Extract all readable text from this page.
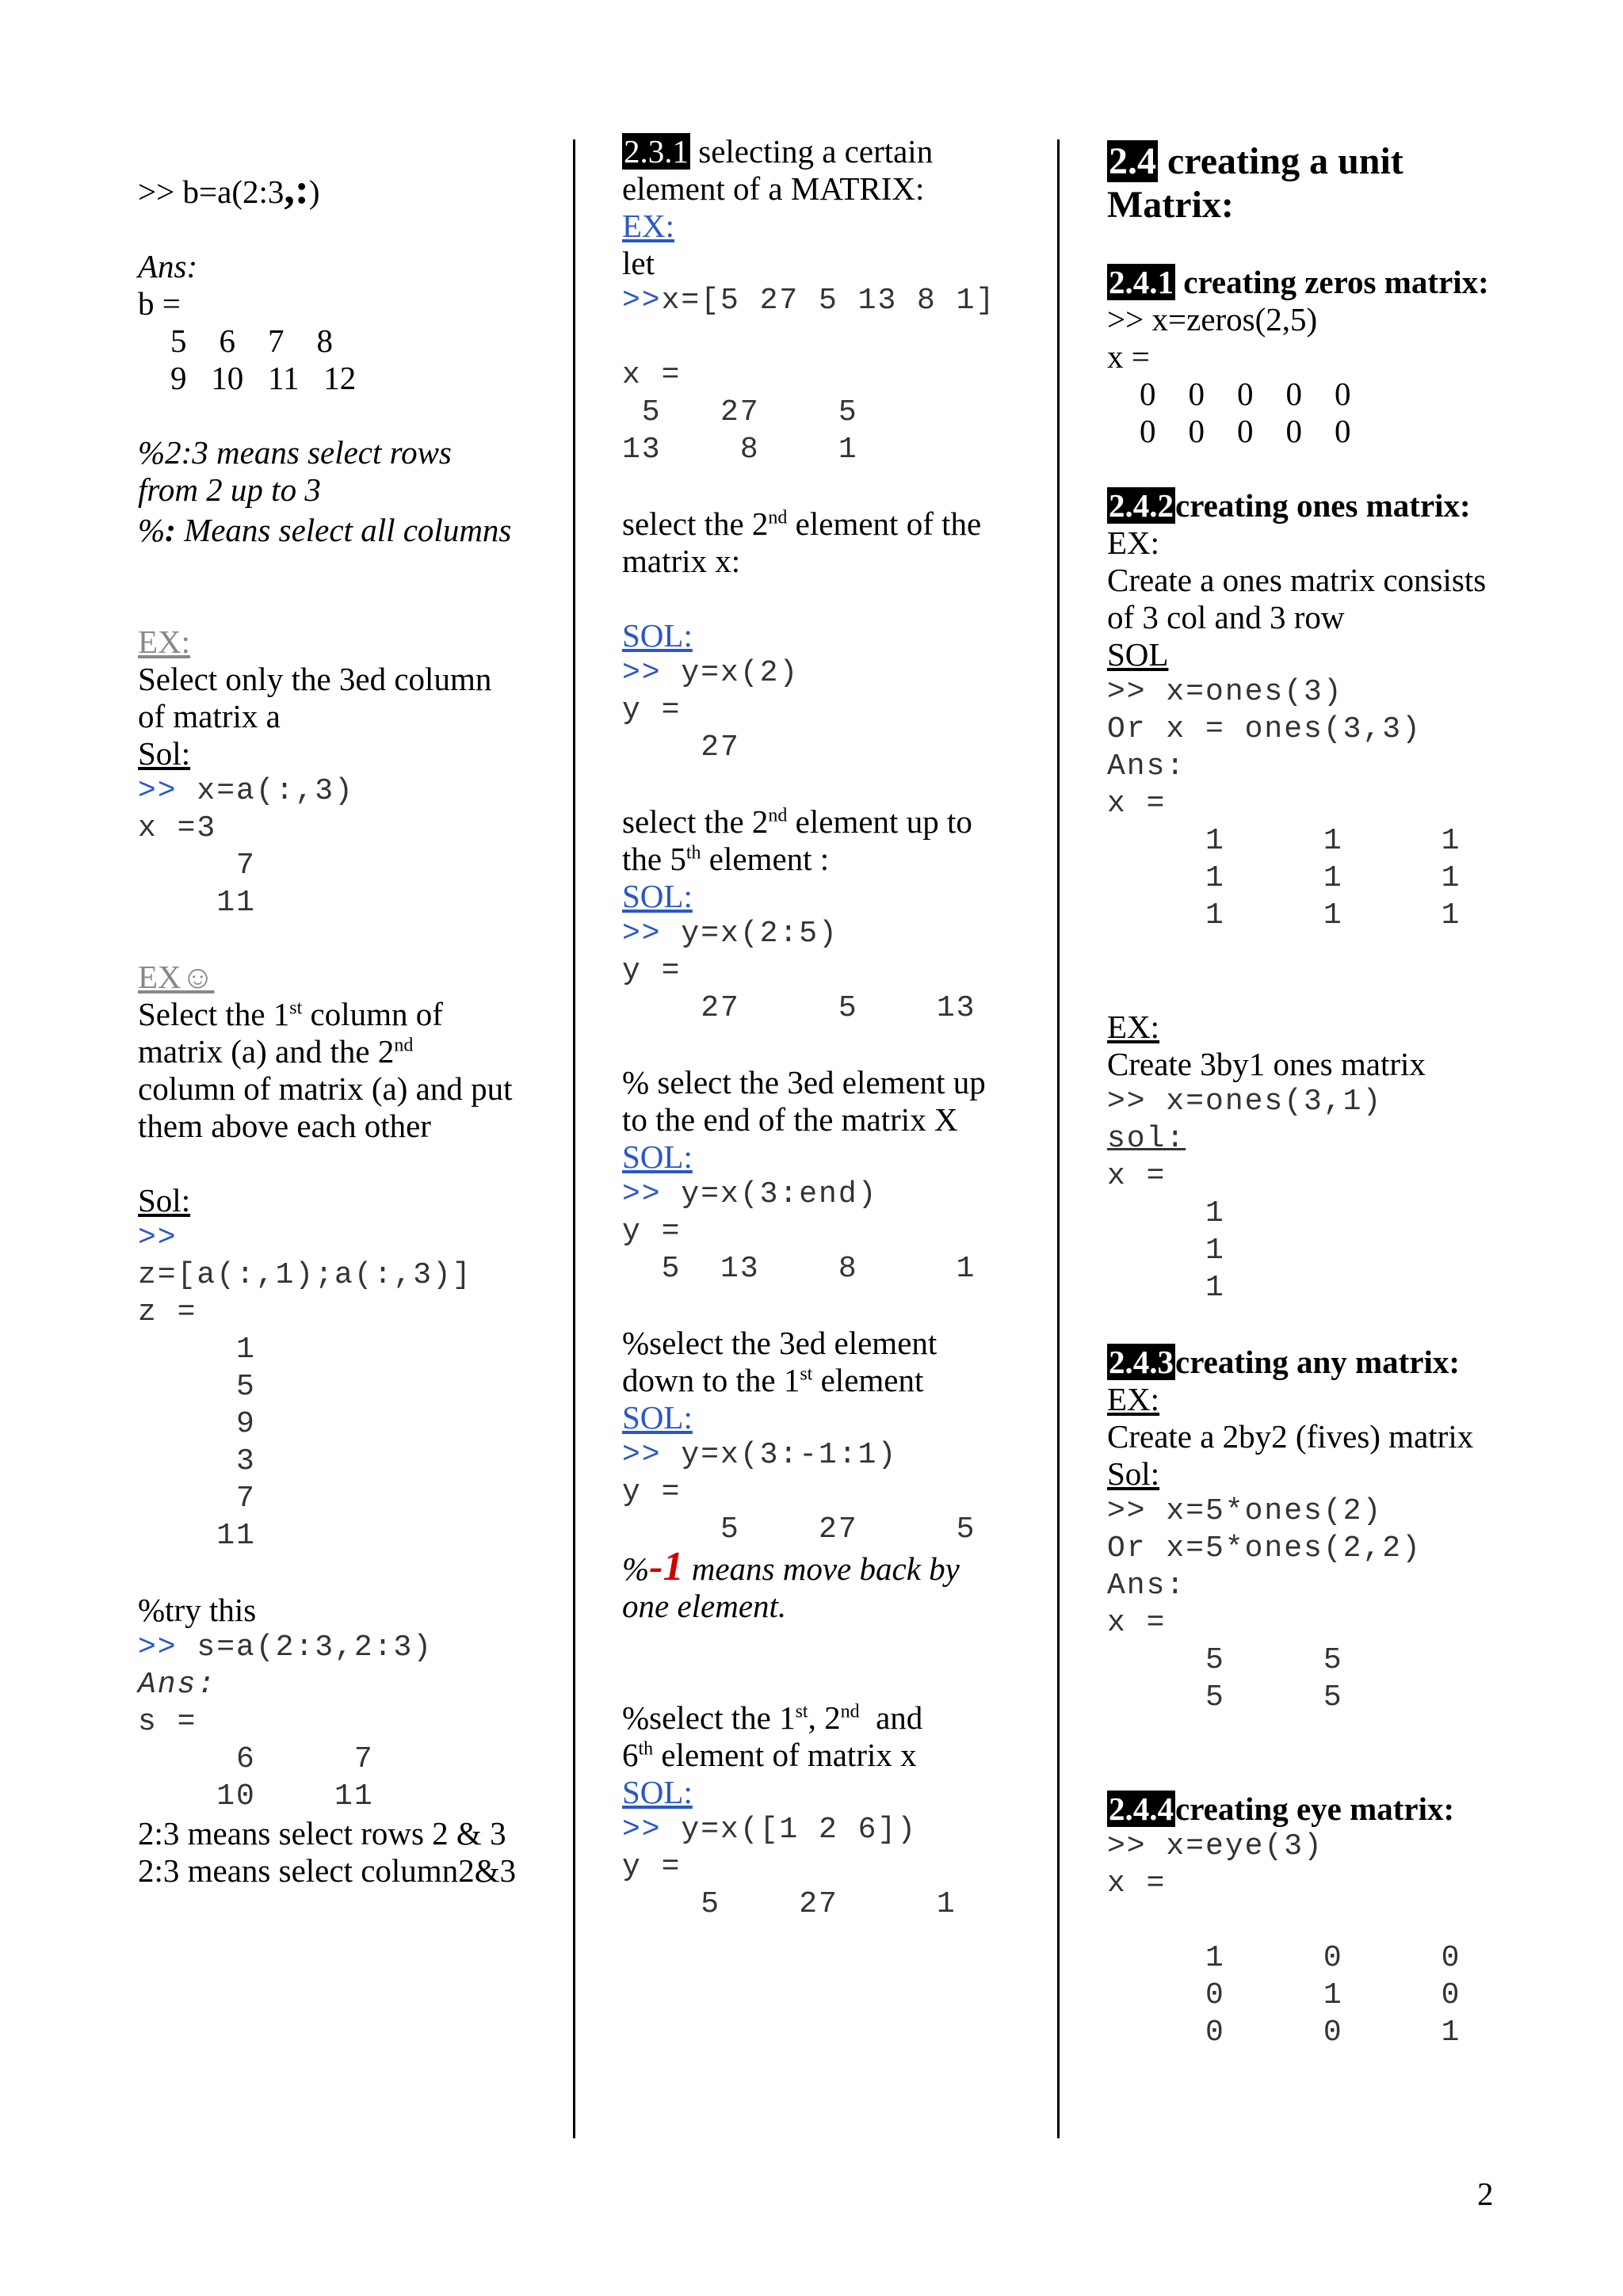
>> b=a(2:3,:)
Ans:
b =
5    6    7    8
9   10   11   12
%2:3 means select rows
from 2 up to 3
%: Means select all columns
EX:
Select only the 3ed column
of matrix a
Sol:
>> x=a(:,3)
x =3
7
11
EX☺
Select the 1st column of
matrix (a) and the 2nd
column of matrix (a) and put
them above each other
Sol:
>>
z=[a(:,1);a(:,3)]
z =
1
5
9
3
7
11
%try this
>> s=a(2:3,2:3)
Ans:
s =
6     7
10    11
2:3 means select rows 2 & 3
2:3 means select column2&3
2.3.1 selecting a certain
element of a MATRIX:
EX:
let
>>x=[5 27 5 13 8 1]
x =
5   27    5
13    8    1
select the 2nd element of the
matrix x:
SOL:
>> y=x(2)
y =
27
select the 2nd element up to
the 5th element :
SOL:
>> y=x(2:5)
y =
27     5    13
% select the 3ed element up
to the end of the matrix X
SOL:
>> y=x(3:end)
y =
5  13    8     1
%select the 3ed element
down to the 1st element
SOL:
>> y=x(3:-1:1)
y =
5    27     5
%-1 means move back by
one element.
%select the 1st, 2nd  and
6th element of matrix x
SOL:
>> y=x([1 2 6])
y =
5    27     1
2.4 creating a unit
Matrix:
2.4.1 creating zeros matrix:
>> x=zeros(2,5)
x =
0    0    0    0    0
0    0    0    0    0
2.4.2creating ones matrix:
EX:
Create a ones matrix consists
of 3 col and 3 row
SOL
>> x=ones(3)
Or x = ones(3,3)
Ans:
x =
1     1     1
1     1     1
1     1     1
EX:
Create 3by1 ones matrix
>> x=ones(3,1)
sol:
x =
1
1
1
2.4.3creating any matrix:
EX:
Create a 2by2 (fives) matrix
Sol:
>> x=5*ones(2)
Or x=5*ones(2,2)
Ans:
x =
5     5
5     5
2.4.4creating eye matrix:
>> x=eye(3)
x =
1     0     0
0     1     0
0     0     1
2
